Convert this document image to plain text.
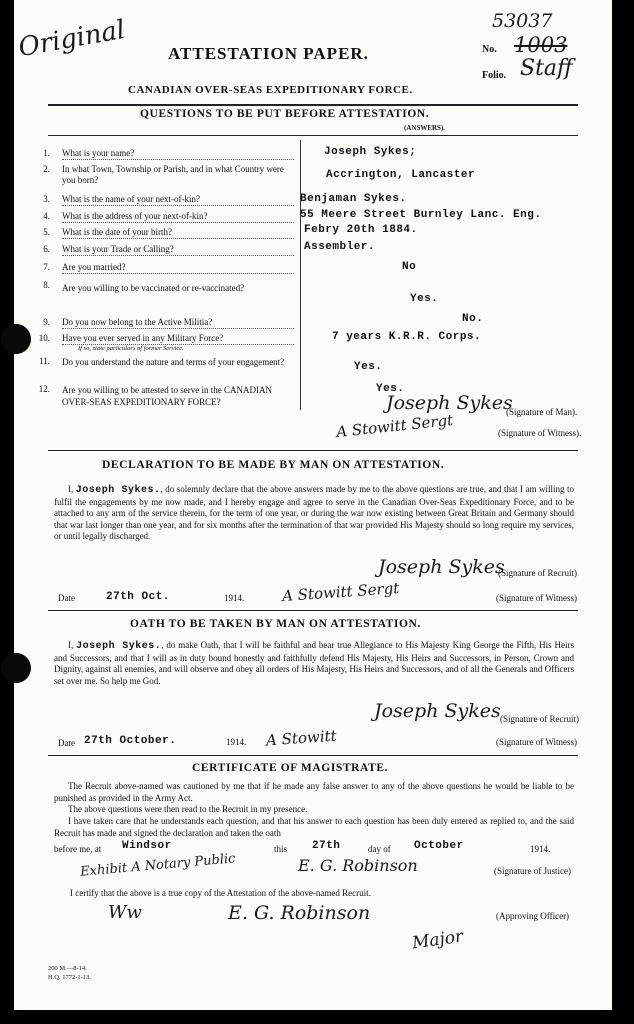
Original	53037
No. 1003
Folio. Staff
ATTESTATION PAPER.
CANADIAN OVER-SEAS EXPEDITIONARY FORCE.
QUESTIONS TO BE PUT BEFORE ATTESTATION.
(ANSWERS).
1. What is your name?	Joseph Sykes;
2. In what Town, Township or Parish, and in what Country were you born?	Accrington, Lancaster
3. What is the name of your next-of-kin?	Benjaman Sykes.
4. What is the address of your next-of-kin?	55 Meere Street Burnley Lanc. Eng.
5. What is the date of your birth?	Febry 20th 1884.
6. What is your Trade or Calling?	Assembler.
7. Are you married?	No
8. Are you willing to be vaccinated or re-vaccinated?
Yes.
9. Do you now belong to the Active Militia?	No.
10. Have you ever served in any Military Force?
If so, state particulars of former Service.
7 years K.R.R. Corps.
11. Do you understand the nature and terms of your engagement?	Yes.
12. Are you willing to be attested to serve in the CANADIAN OVER-SEAS EXPEDITIONARY FORCE?
Yes.
Joseph Sykes
(Signature of Man).
A Stowitt Sergt	(Signature of Witness).
DECLARATION TO BE MADE BY MAN ON ATTESTATION.
I, Joseph Sykes., do solemnly declare that the above answers made by me to the above questions are true, and that I am willing to fulfil the engagements by me now made, and I hereby engage and agree to serve in the Canadian Over-Seas Expeditionary Force, and to be attached to any arm of the service therein, for the term of one year, or during the war now existing between Great Britain and Germany should that war last longer than one year, and for six months after the termination of that war provided His Majesty should so long require my services, or until legally discharged.
Joseph Sykes
(Signature of Recruit)
Date	27th Oct.	1914. A Stowitt Sergt	(Signature of Witness)
OATH TO BE TAKEN BY MAN ON ATTESTATION.
I, Joseph Sykes., do make Oath, that I will be faithful and bear true Allegiance to His Majesty King George the Fifth, His Heirs and Successors, and that I will as in duty bound honestly and faithfully defend His Majesty, His Heirs and Successors, in Person, Crown and Dignity, against all enemies, and will observe and obey all orders of His Majesty, His Heirs and Successors, and of all the Generals and Officers set over me. So help me God.
Joseph Sykes (Signature of Recruit)
Date 27th October.	1914. A Stowitt	(Signature of Witness)
CERTIFICATE OF MAGISTRATE.
The Recruit above-named was cautioned by me that if he made any false answer to any of the above questions he would be liable to be punished as provided in the Army Act.
The above questions were then read to the Recruit in my presence.
I have taken care that he understands each question, and that his answer to each question has been duly entered as replied to, and the said Recruit has made and signed the declaration and taken the oath
before me, at Windsor	this 27th	day of October	1914.
Exhibit A Notary Public	E. G. Robinson	(Signature of Justice)
I certify that the above is a true copy of the Attestation of the above-named Recruit.
Ww	E. G. Robinson	(Approving Officer)
Major
200 M.—8-14.
H.Q. 1772-1-13.
